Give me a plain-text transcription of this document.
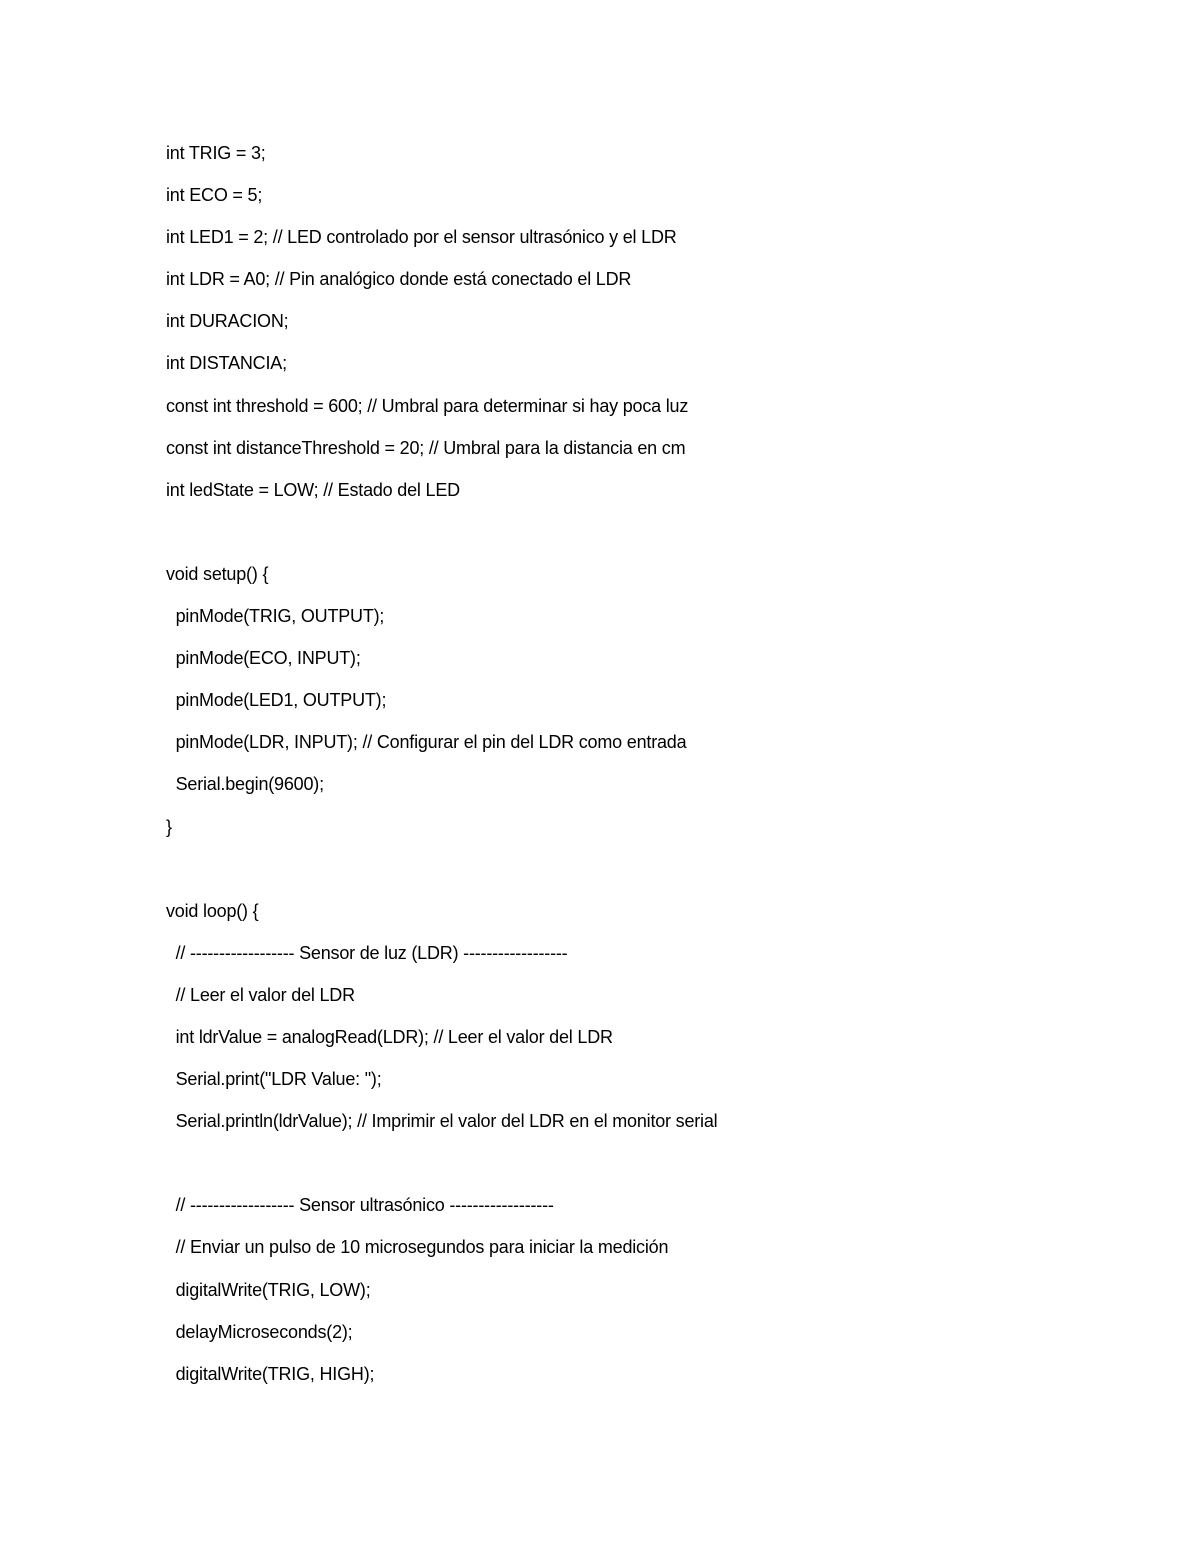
int TRIG = 3;
int ECO = 5;
int LED1 = 2; // LED controlado por el sensor ultrasónico y el LDR
int LDR = A0; // Pin analógico donde está conectado el LDR
int DURACION;
int DISTANCIA;
const int threshold = 600; // Umbral para determinar si hay poca luz
const int distanceThreshold = 20; // Umbral para la distancia en cm
int ledState = LOW; // Estado del LED
void setup() {
pinMode(TRIG, OUTPUT);
pinMode(ECO, INPUT);
pinMode(LED1, OUTPUT);
pinMode(LDR, INPUT); // Configurar el pin del LDR como entrada
Serial.begin(9600);
}
void loop() {
// ------------------ Sensor de luz (LDR) ------------------
// Leer el valor del LDR
int ldrValue = analogRead(LDR); // Leer el valor del LDR
Serial.print("LDR Value: ");
Serial.println(ldrValue); // Imprimir el valor del LDR en el monitor serial
// ------------------ Sensor ultrasónico ------------------
// Enviar un pulso de 10 microsegundos para iniciar la medición
digitalWrite(TRIG, LOW);
delayMicroseconds(2);
digitalWrite(TRIG, HIGH);
